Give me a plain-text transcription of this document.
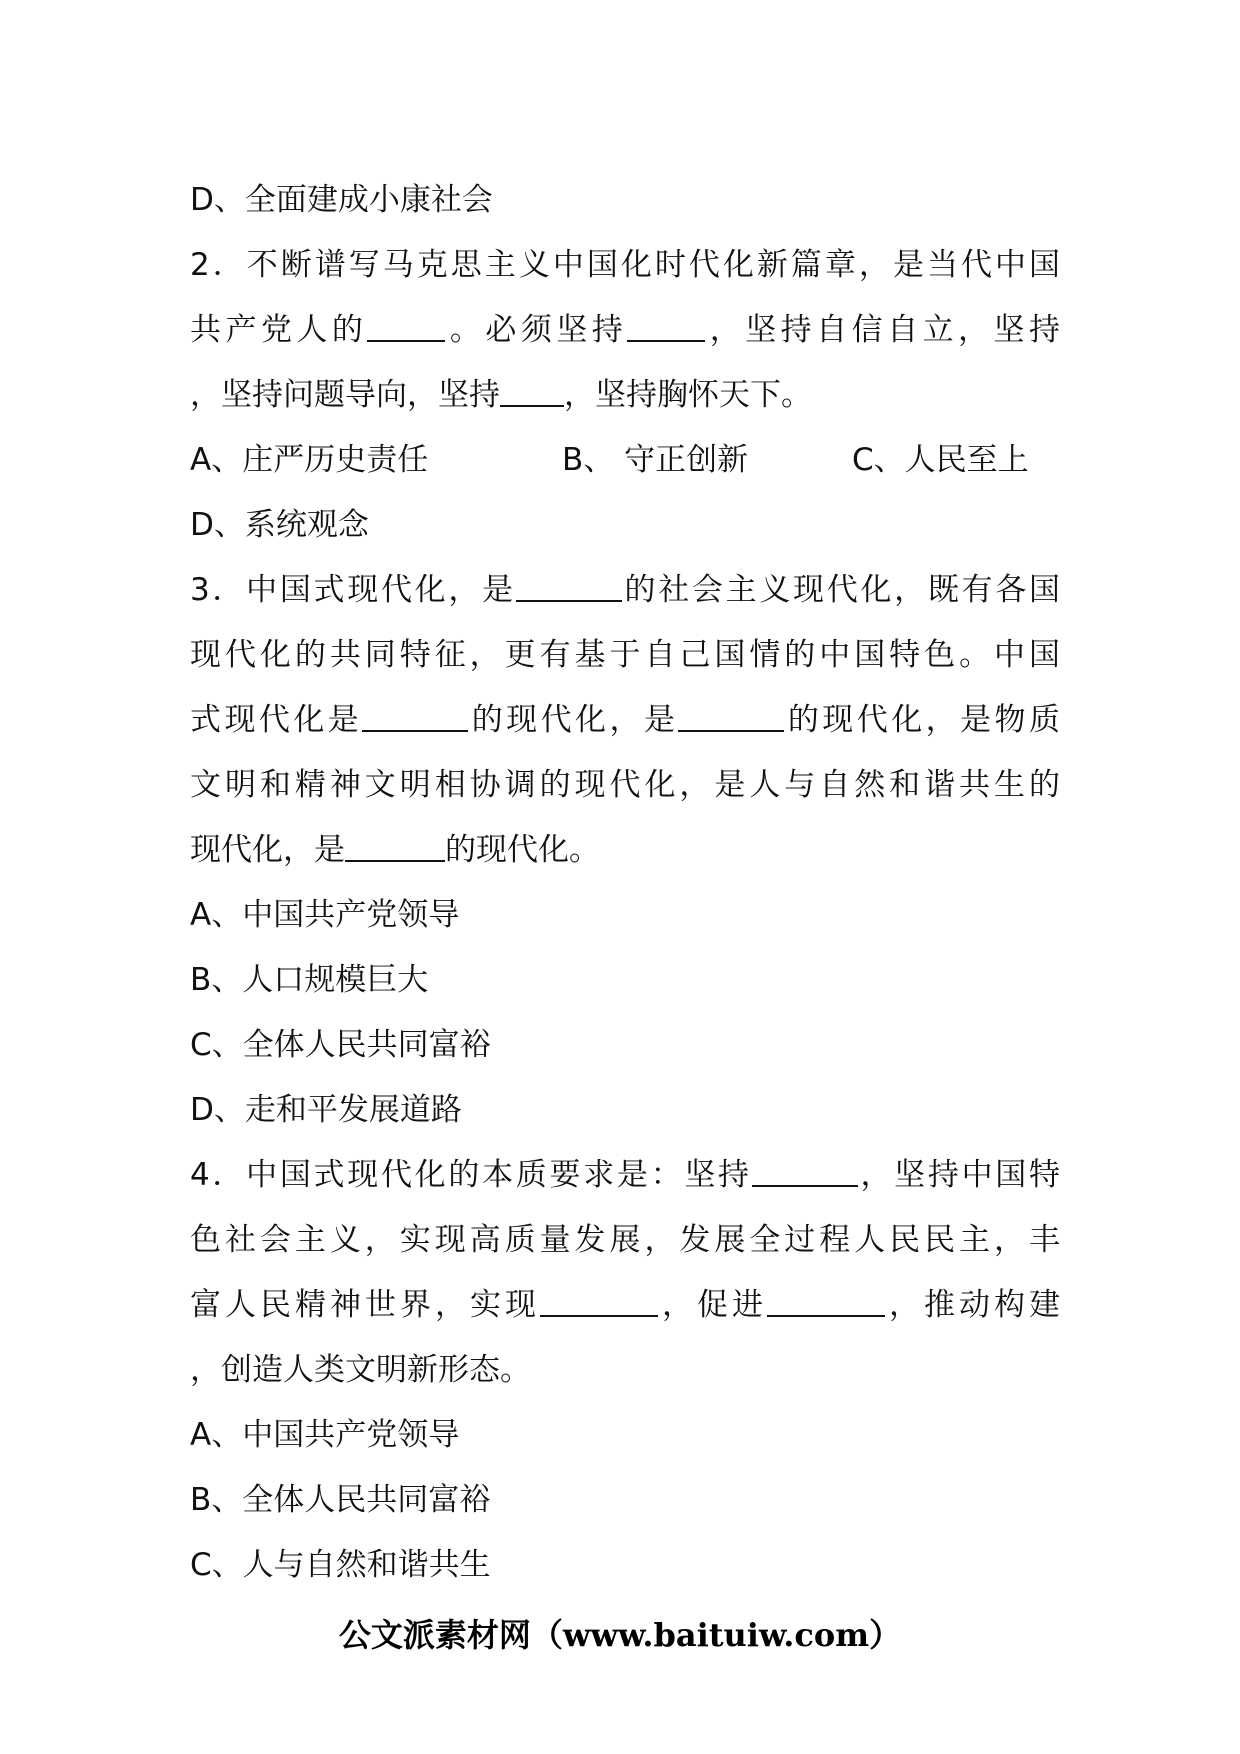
D、全面建成小康社会
2．不断谱写马克思主义中国化时代化新篇章，是当代中国
共产党人的	。必须坚持	，坚持自信自立，坚持
，坚持问题导向，坚持 ，坚持胸怀天下。
A、庄严历史责任	B、 守正创新	C、人民至上
D、系统观念
3．中国式现代化，是	的社会主义现代化，既有各国
现代化的共同特征，更有基于自己国情的中国特色。中国
式现代化是	的现代化，是	的现代化，是物质
文明和精神文明相协调的现代化，是人与自然和谐共生的
现代化，是	的现代化。
A、中国共产党领导
B、人口规模巨大
C、全体人民共同富裕
D、走和平发展道路
4．中国式现代化的本质要求是：坚持	，坚持中国特
色社会主义，实现高质量发展，发展全过程人民民主，丰
富人民精神世界，实现	，促进	，推动构建
，创造人类文明新形态。
A、中国共产党领导
B、全体人民共同富裕
C、人与自然和谐共生
公文派素材网（www.baituiw.com）
